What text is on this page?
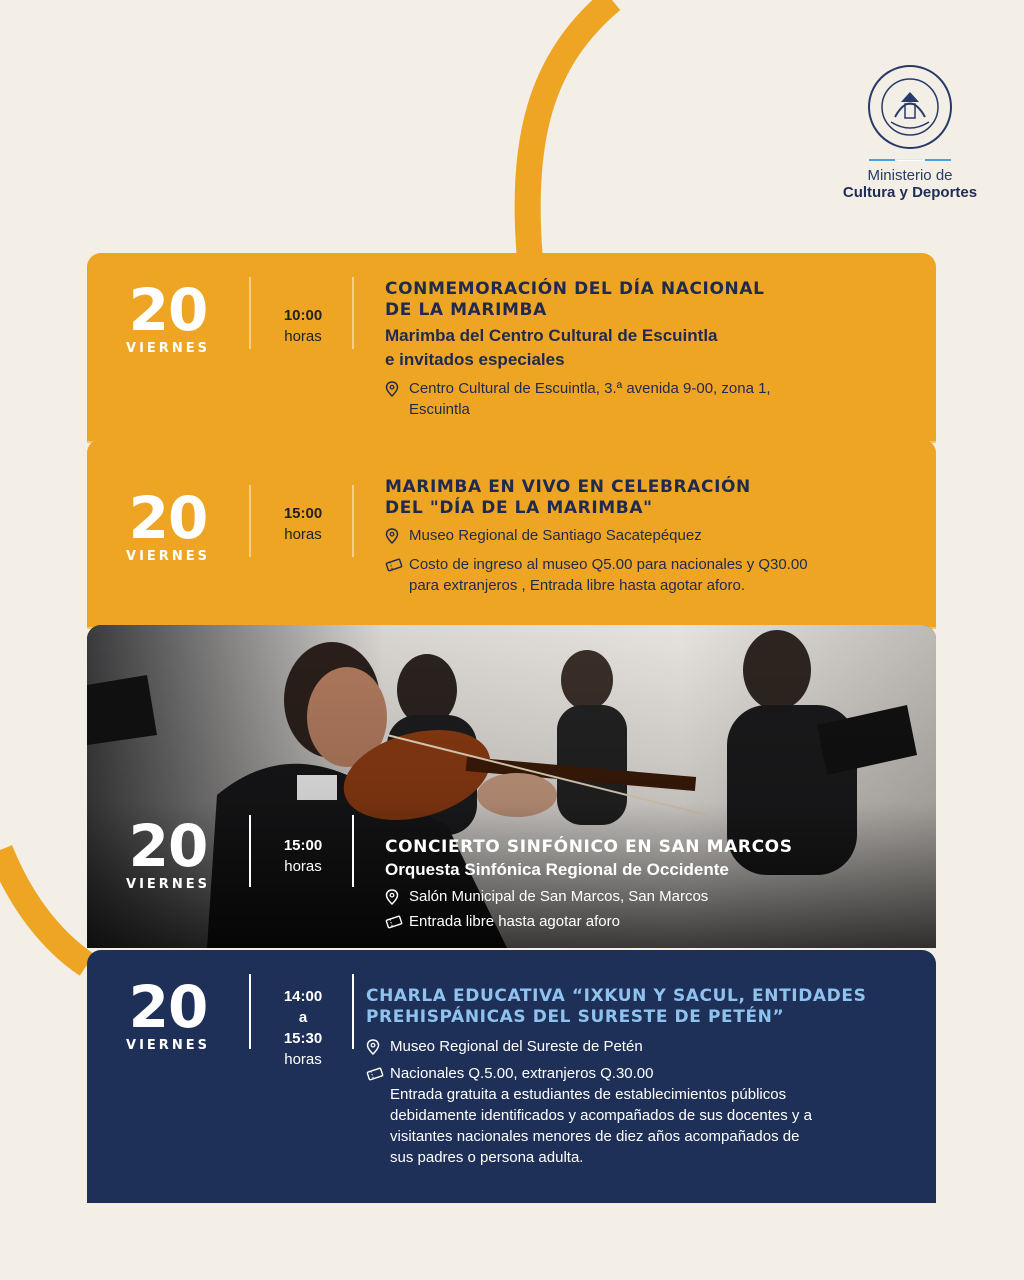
Ministerio de
Cultura y Deportes
20
VIERNES
10:00
horas
CONMEMORACIÓN DEL DÍA NACIONAL
DE LA MARIMBA
Marimba del Centro Cultural de Escuintla
e invitados especiales
Centro Cultural de Escuintla, 3.ª avenida 9-00, zona 1,
Escuintla
20
VIERNES
15:00
horas
MARIMBA EN VIVO EN CELEBRACIÓN
DEL "DÍA DE LA MARIMBA"
Museo Regional de Santiago Sacatepéquez
Costo de ingreso al museo Q5.00 para nacionales y Q30.00
para extranjeros , Entrada libre hasta agotar aforo.
20
VIERNES
15:00
horas
CONCIERTO SINFÓNICO EN SAN MARCOS
Orquesta Sinfónica Regional de Occidente
Salón Municipal de San Marcos, San Marcos
Entrada libre hasta agotar aforo
20
VIERNES
14:00
a
15:30
horas
CHARLA EDUCATIVA “IXKUN Y SACUL, ENTIDADES
PREHISPÁNICAS DEL SURESTE DE PETÉN”
Museo Regional del Sureste de Petén
Nacionales Q.5.00, extranjeros Q.30.00
Entrada gratuita a estudiantes de establecimientos públicos
debidamente identificados y acompañados de sus docentes y a
visitantes nacionales menores de diez años acompañados de
sus padres o persona adulta.
